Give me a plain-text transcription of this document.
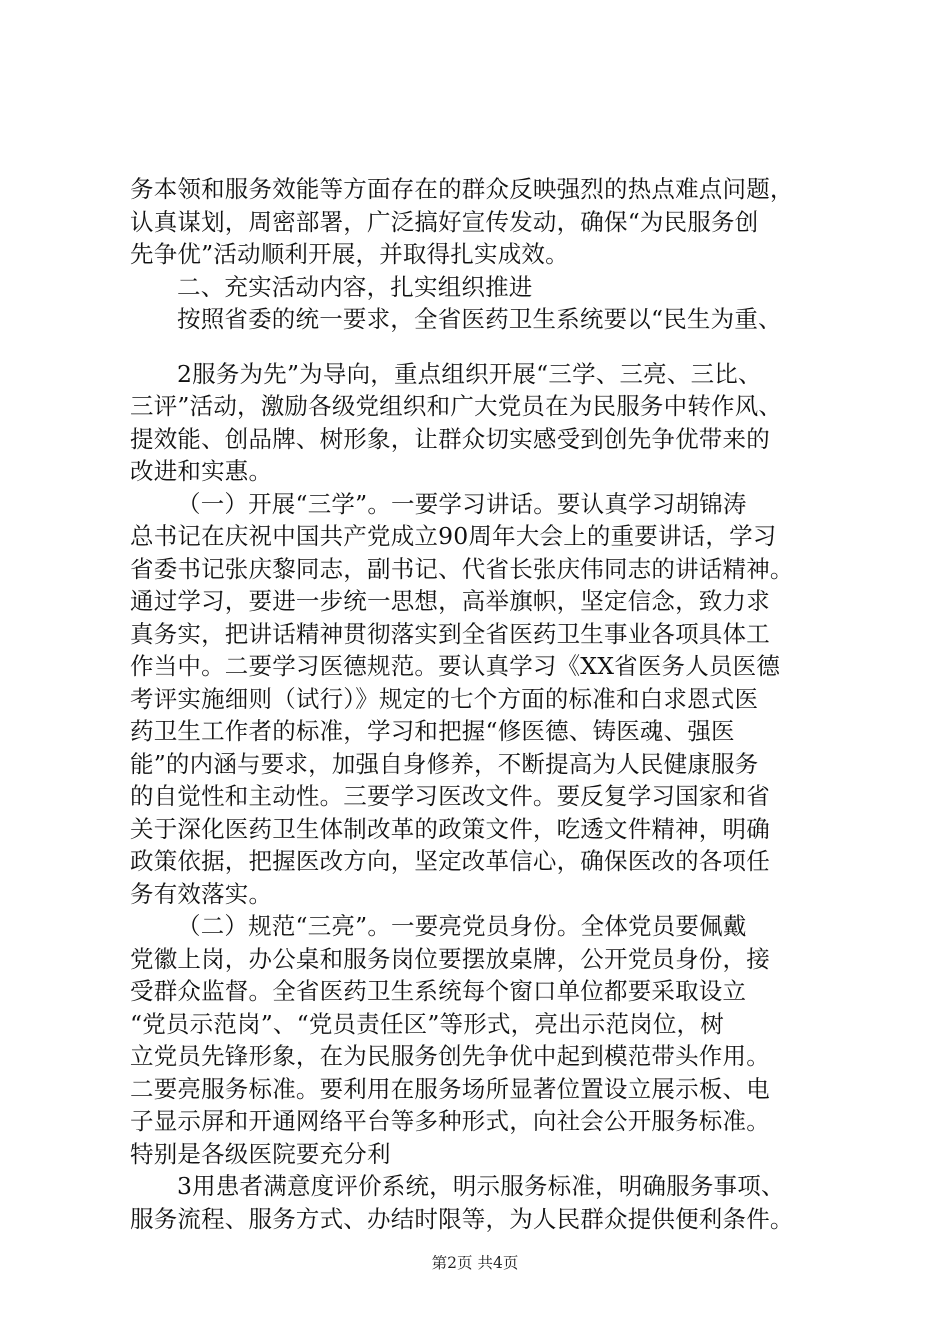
务本领和服务效能等方面存在的群众反映强烈的热点难点问题，
认真谋划，周密部署，广泛搞好宣传发动，确保“为民服务创
先争优”活动顺利开展，并取得扎实成效。
二、充实活动内容，扎实组织推进
按照省委的统一要求，全省医药卫生系统要以“民生为重、
2服务为先”为导向，重点组织开展“三学、三亮、三比、
三评”活动，激励各级党组织和广大党员在为民服务中转作风、
提效能、创品牌、树形象，让群众切实感受到创先争优带来的
改进和实惠。
（一）开展“三学”。一要学习讲话。要认真学习胡锦涛
总书记在庆祝中国共产党成立90周年大会上的重要讲话，学习
省委书记张庆黎同志，副书记、代省长张庆伟同志的讲话精神。
通过学习，要进一步统一思想，高举旗帜，坚定信念，致力求
真务实，把讲话精神贯彻落实到全省医药卫生事业各项具体工
作当中。二要学习医德规范。要认真学习《XX省医务人员医德
考评实施细则（试行）》规定的七个方面的标准和白求恩式医
药卫生工作者的标准，学习和把握“修医德、铸医魂、强医
能”的内涵与要求，加强自身修养，不断提高为人民健康服务
的自觉性和主动性。三要学习医改文件。要反复学习国家和省
关于深化医药卫生体制改革的政策文件，吃透文件精神，明确
政策依据，把握医改方向，坚定改革信心，确保医改的各项任
务有效落实。
（二）规范“三亮”。一要亮党员身份。全体党员要佩戴
党徽上岗，办公桌和服务岗位要摆放桌牌，公开党员身份，接
受群众监督。全省医药卫生系统每个窗口单位都要采取设立
“党员示范岗”、“党员责任区”等形式，亮出示范岗位，树
立党员先锋形象，在为民服务创先争优中起到模范带头作用。
二要亮服务标准。要利用在服务场所显著位置设立展示板、电
子显示屏和开通网络平台等多种形式，向社会公开服务标准。
特别是各级医院要充分利
3用患者满意度评价系统，明示服务标准，明确服务事项、
服务流程、服务方式、办结时限等，为人民群众提供便利条件。
第2页 共4页
